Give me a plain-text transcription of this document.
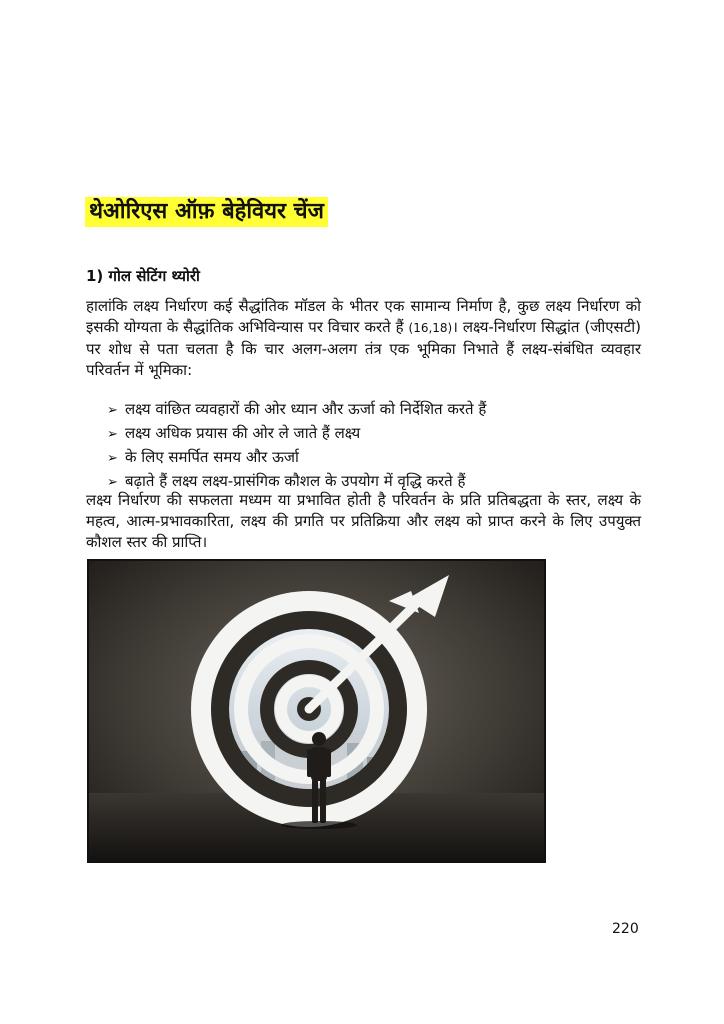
थेओरिएस ऑफ़ बेहेवियर चेंज
1) गोल सेटिंग थ्योरी
हालांकि लक्ष्य निर्धारण कई सैद्धांतिक मॉडल के भीतर एक सामान्य निर्माण है, कुछ लक्ष्य निर्धारण को इसकी योग्यता के सैद्धांतिक अभिविन्यास पर विचार करते हैं (16,18)। लक्ष्य-निर्धारण सिद्धांत (जीएसटी) पर शोध से पता चलता है कि चार अलग-अलग तंत्र एक भूमिका निभाते हैं लक्ष्य-संबंधित व्यवहार परिवर्तन में भूमिका:
➢ लक्ष्य वांछित व्यवहारों की ओर ध्यान और ऊर्जा को निर्देशित करते हैं
➢ लक्ष्य अधिक प्रयास की ओर ले जाते हैं लक्ष्य
➢ के लिए समर्पित समय और ऊर्जा
➢ बढ़ाते हैं लक्ष्य लक्ष्य-प्रासंगिक कौशल के उपयोग में वृद्धि करते हैं
लक्ष्य निर्धारण की सफलता मध्यम या प्रभावित होती है परिवर्तन के प्रति प्रतिबद्धता के स्तर, लक्ष्य के महत्व, आत्म-प्रभावकारिता, लक्ष्य की प्रगति पर प्रतिक्रिया और लक्ष्य को प्राप्त करने के लिए उपयुक्त कौशल स्तर की प्राप्ति।
220
